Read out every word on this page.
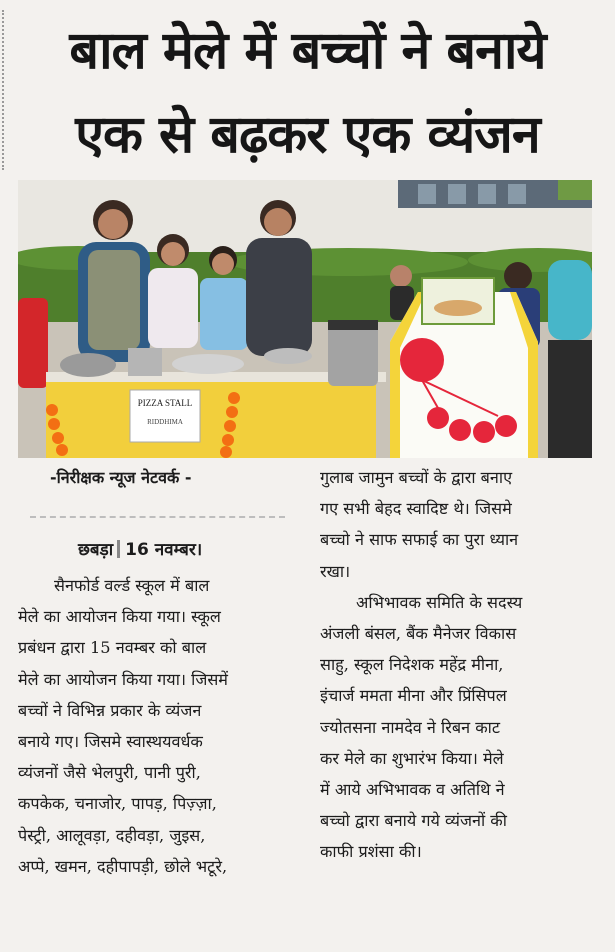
बाल मेले में बच्चों ने बनाये
एक से बढ़कर एक व्यंजन
PIZZA STALL
RIDDHIMA
-निरीक्षक न्यूज नेटवर्क -
छबड़ा 16 नवम्बर।

सैनफोर्ड वर्ल्ड स्कूल में बाल

मेले का आयोजन किया गया। स्कूल

प्रबंधन द्वारा 15 नवम्बर को बाल

मेले का आयोजन किया गया। जिसमें

बच्चों ने विभिन्न प्रकार के व्यंजन

बनाये गए। जिसमे स्वास्थयवर्धक

व्यंजनों जैसे भेलपुरी, पानी पुरी,

कपकेक, चनाजोर, पापड़, पिज़्ज़ा,

पेस्ट्री, आलूवड़ा, दहीवड़ा, जुइस,

अप्पे, खमन, दहीपापड़ी, छोले भटूरे,

गुलाब जामुन बच्चों के द्वारा बनाए

गए सभी बेहद स्वादिष्ट थे। जिसमे

बच्चो ने साफ सफाई का पुरा ध्यान

रखा।

अभिभावक समिति के सदस्य

अंजली बंसल, बैंक मैनेजर विकास

साहु, स्कूल निदेशक महेंद्र मीना,

इंचार्ज ममता मीना और प्रिंसिपल

ज्योतसना नामदेव ने रिबन काट

कर मेले का शुभारंभ किया। मेले

में आये अभिभावक व अतिथि ने

बच्चो द्वारा बनाये गये व्यंजनों की

काफी प्रशंसा की।
